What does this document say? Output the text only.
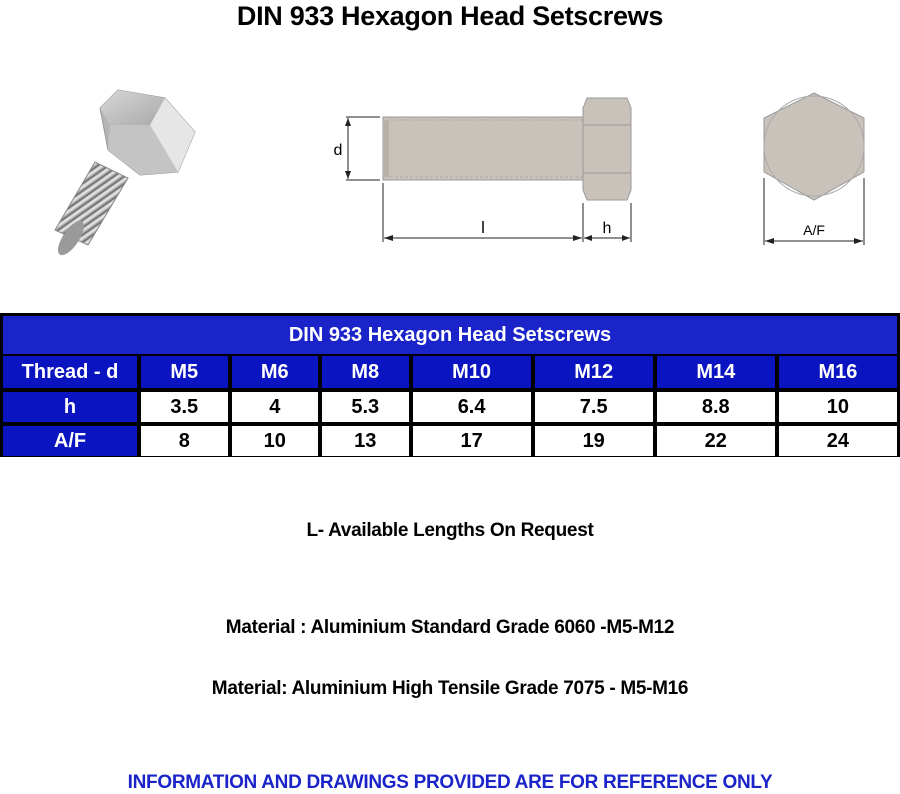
DIN 933 Hexagon Head Setscrews
d
l	h	A/F
DIN 933 Hexagon Head Setscrews							
Thread - d	M5	M6	M8	M10	M12	M14	M16
h	3.5	4	5.3	6.4	7.5	8.8	10
A/F	8	10	13	17	19	22	24
L- Available Lengths On Request
Material : Aluminium Standard Grade 6060 -M5-M12
Material: Aluminium High Tensile Grade 7075 - M5-M16
INFORMATION AND DRAWINGS PROVIDED ARE FOR REFERENCE ONLY
